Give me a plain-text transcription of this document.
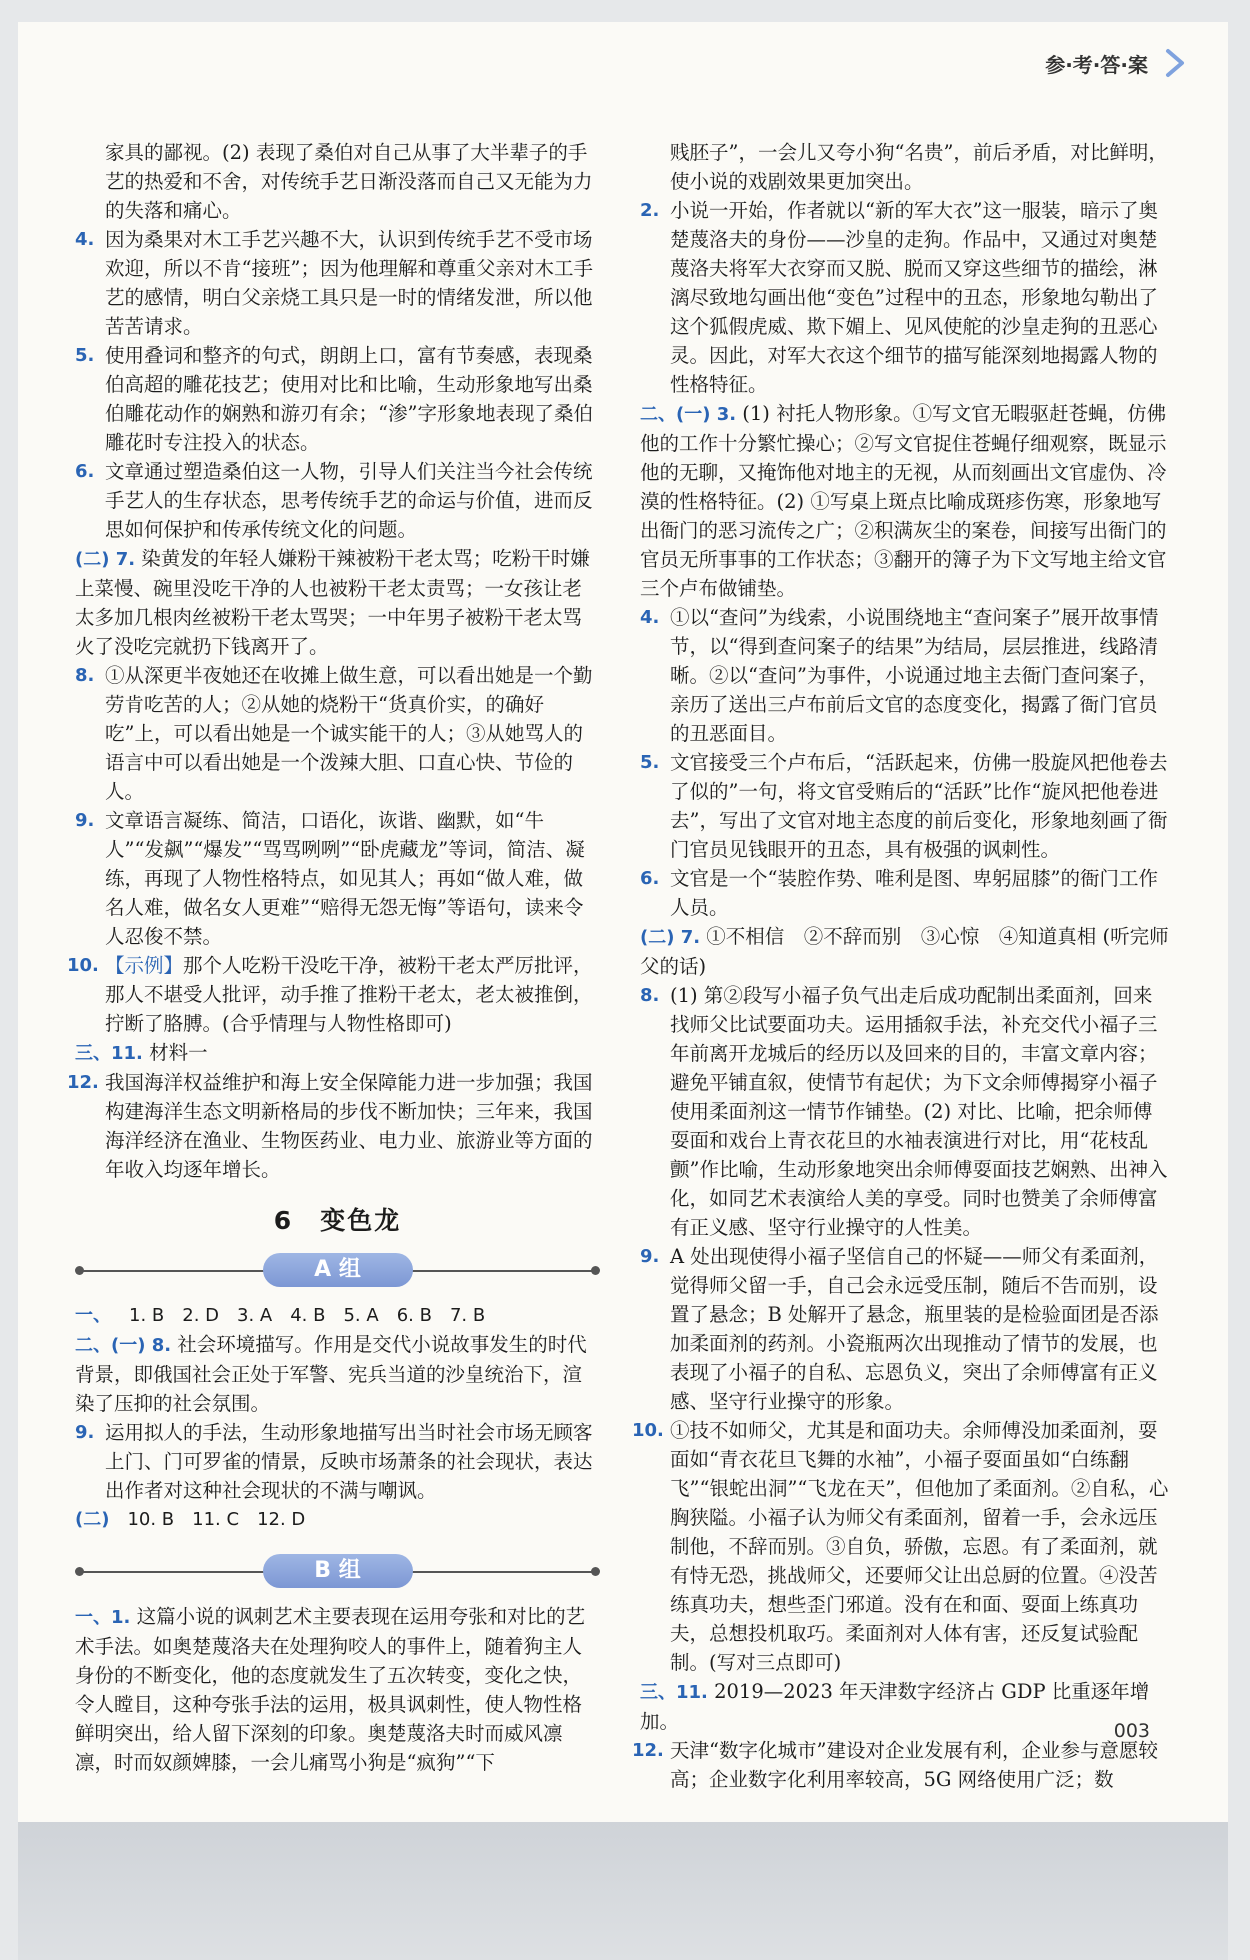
参·考·答·案

家具的鄙视。(2) 表现了桑伯对自己从事了大半辈子的手艺的热爱和不舍，对传统手艺日渐没落而自己又无能为力的失落和痛心。

4. 因为桑果对木工手艺兴趣不大，认识到传统手艺不受市场欢迎，所以不肯“接班”；因为他理解和尊重父亲对木工手艺的感情，明白父亲烧工具只是一时的情绪发泄，所以他苦苦请求。

5. 使用叠词和整齐的句式，朗朗上口，富有节奏感，表现桑伯高超的雕花技艺；使用对比和比喻，生动形象地写出桑伯雕花动作的娴熟和游刃有余；“渗”字形象地表现了桑伯雕花时专注投入的状态。

6. 文章通过塑造桑伯这一人物，引导人们关注当今社会传统手艺人的生存状态，思考传统手艺的命运与价值，进而反思如何保护和传承传统文化的问题。

(二) 7. 染黄发的年轻人嫌粉干辣被粉干老太骂；吃粉干时嫌上菜慢、碗里没吃干净的人也被粉干老太责骂；一女孩让老太多加几根肉丝被粉干老太骂哭；一中年男子被粉干老太骂火了没吃完就扔下钱离开了。

8. ①从深更半夜她还在收摊上做生意，可以看出她是一个勤劳肯吃苦的人；②从她的烧粉干“货真价实，的确好吃”上，可以看出她是一个诚实能干的人；③从她骂人的语言中可以看出她是一个泼辣大胆、口直心快、节俭的人。

9. 文章语言凝练、简洁，口语化，诙谐、幽默，如“牛人”“发飙”“爆发”“骂骂咧咧”“卧虎藏龙”等词，简洁、凝练，再现了人物性格特点，如见其人；再如“做人难，做名人难，做名女人更难”“赔得无怨无悔”等语句，读来令人忍俊不禁。

10. 【示例】那个人吃粉干没吃干净，被粉干老太严厉批评，那人不堪受人批评，动手推了推粉干老太，老太被推倒，拧断了胳膊。(合乎情理与人物性格即可)

三、11. 材料一

12. 我国海洋权益维护和海上安全保障能力进一步加强；我国构建海洋生态文明新格局的步伐不断加快；三年来，我国海洋经济在渔业、生物医药业、电力业、旅游业等方面的年收入均逐年增长。

6　变色龙
A 组
一、 1. B 2. D 3. A 4. B 5. A 6. B 7. B

二、(一) 8. 社会环境描写。作用是交代小说故事发生的时代背景，即俄国社会正处于军警、宪兵当道的沙皇统治下，渲染了压抑的社会氛围。

9. 运用拟人的手法，生动形象地描写出当时社会市场无顾客上门、门可罗雀的情景，反映市场萧条的社会现状，表达出作者对这种社会现状的不满与嘲讽。

(二) 10. B 11. C 12. D
B 组

一、1. 这篇小说的讽刺艺术主要表现在运用夸张和对比的艺术手法。如奥楚蔑洛夫在处理狗咬人的事件上，随着狗主人身份的不断变化，他的态度就发生了五次转变，变化之快，令人瞠目，这种夸张手法的运用，极具讽刺性，使人物性格鲜明突出，给人留下深刻的印象。奥楚蔑洛夫时而威风凛凛，时而奴颜婢膝，一会儿痛骂小狗是“疯狗”“下

贱胚子”，一会儿又夸小狗“名贵”，前后矛盾，对比鲜明，使小说的戏剧效果更加突出。

2. 小说一开始，作者就以“新的军大衣”这一服装，暗示了奥楚蔑洛夫的身份——沙皇的走狗。作品中，又通过对奥楚蔑洛夫将军大衣穿而又脱、脱而又穿这些细节的描绘，淋漓尽致地勾画出他“变色”过程中的丑态，形象地勾勒出了这个狐假虎威、欺下媚上、见风使舵的沙皇走狗的丑恶心灵。因此，对军大衣这个细节的描写能深刻地揭露人物的性格特征。

二、(一) 3. (1) 衬托人物形象。①写文官无暇驱赶苍蝇，仿佛他的工作十分繁忙操心；②写文官捉住苍蝇仔细观察，既显示他的无聊，又掩饰他对地主的无视，从而刻画出文官虚伪、冷漠的性格特征。(2) ①写桌上斑点比喻成斑疹伤寒，形象地写出衙门的恶习流传之广；②积满灰尘的案卷，间接写出衙门的官员无所事事的工作状态；③翻开的簿子为下文写地主给文官三个卢布做铺垫。

4. ①以“查问”为线索，小说围绕地主“查问案子”展开故事情节，以“得到查问案子的结果”为结局，层层推进，线路清晰。②以“查问”为事件，小说通过地主去衙门查问案子，亲历了送出三卢布前后文官的态度变化，揭露了衙门官员的丑恶面目。

5. 文官接受三个卢布后，“活跃起来，仿佛一股旋风把他卷去了似的”一句，将文官受贿后的“活跃”比作“旋风把他卷进去”，写出了文官对地主态度的前后变化，形象地刻画了衙门官员见钱眼开的丑态，具有极强的讽刺性。

6. 文官是一个“装腔作势、唯利是图、卑躬屈膝”的衙门工作人员。

(二) 7. ①不相信　②不辞而别　③心惊　④知道真相 (听完师父的话)

8. (1) 第②段写小福子负气出走后成功配制出柔面剂，回来找师父比试要面功夫。运用插叙手法，补充交代小福子三年前离开龙城后的经历以及回来的目的，丰富文章内容；避免平铺直叙，使情节有起伏；为下文余师傅揭穿小福子使用柔面剂这一情节作铺垫。(2) 对比、比喻，把余师傅耍面和戏台上青衣花旦的水袖表演进行对比，用“花枝乱颤”作比喻，生动形象地突出余师傅耍面技艺娴熟、出神入化，如同艺术表演给人美的享受。同时也赞美了余师傅富有正义感、坚守行业操守的人性美。

9. A 处出现使得小福子坚信自己的怀疑——师父有柔面剂，觉得师父留一手，自己会永远受压制，随后不告而别，设置了悬念；B 处解开了悬念，瓶里装的是检验面团是否添加柔面剂的药剂。小瓷瓶两次出现推动了情节的发展，也表现了小福子的自私、忘恩负义，突出了余师傅富有正义感、坚守行业操守的形象。

10. ①技不如师父，尤其是和面功夫。余师傅没加柔面剂，耍面如“青衣花旦飞舞的水袖”，小福子耍面虽如“白练翻飞”“银蛇出洞”“飞龙在天”，但他加了柔面剂。②自私，心胸狭隘。小福子认为师父有柔面剂，留着一手，会永远压制他，不辞而别。③自负，骄傲，忘恩。有了柔面剂，就有恃无恐，挑战师父，还要师父让出总厨的位置。④没苦练真功夫，想些歪门邪道。没有在和面、耍面上练真功夫，总想投机取巧。柔面剂对人体有害，还反复试验配制。(写对三点即可)

三、11. 2019—2023 年天津数字经济占 GDP 比重逐年增加。

12. 天津“数字化城市”建设对企业发展有利，企业参与意愿较高；企业数字化利用率较高，5G 网络使用广泛；数

003
